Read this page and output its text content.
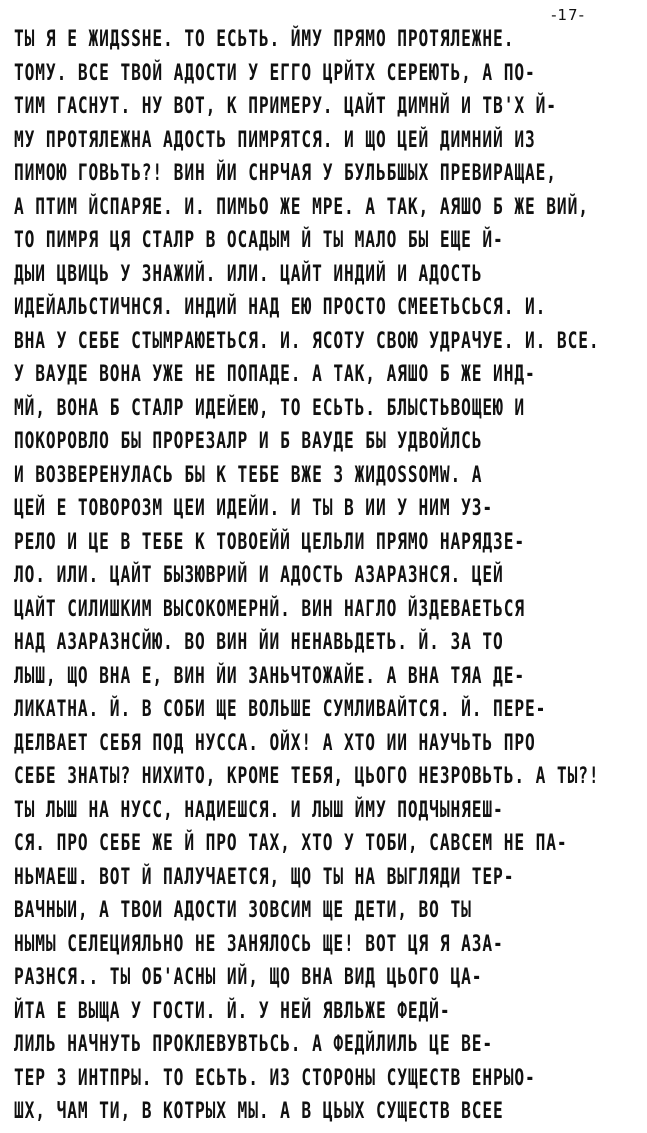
-17-
ТЫ Я Е ЖИДSSНЕ. ТО ЕСЬТЬ. ЙМУ ПРЯМО ПРОТЯЛЕЖНЕ.
ТОМУ. ВСЕ ТВОЙ АДОСТИ У ЕГГО ЦРЙТХ СЕРЕЮТЬ, А ПО-
ТИМ ГАСНУТ. НУ ВОТ, К ПРИМЕРУ. ЦАЙТ ДИМНЙ И ТВ'Х Й-
МУ ПРОТЯЛЕЖНА АДОСТЬ ПИМРЯТСЯ. И ЩО ЦЕЙ ДИМНИЙ ИЗ
ПИМОЮ ГОВЬТЬ?! ВИН ЙИ СНРЧАЯ У БУЛЬБШЫХ ПРЕВИРАЩАЕ,
А ПТИМ ЙСПАРЯЕ. И. ПИМЬО ЖЕ МРЕ. А ТАК, АЯШО Б ЖЕ ВИЙ,
ТО ПИМРЯ ЦЯ СТАЛР В ОСАДЫМ Й ТЫ МАЛО БЫ ЕЩЕ Й-
ДЫИ ЦВИЦЬ У ЗНАЖИЙ. ИЛИ. ЦАЙТ ИНДИЙ И АДОСТЬ
ИДЕЙАЛЬСТИЧНСЯ. ИНДИЙ НАД ЕЮ ПРОСТО СМЕЕТЬСЬСЯ. И.
ВНА У СЕБЕ СТЫМРАЮЕТЬСЯ. И. ЯСОТУ СВОЮ УДРАЧУЕ. И. ВСЕ.
У ВАУДЕ ВОНА УЖЕ НЕ ПОПАДЕ. А ТАК, АЯШО Б ЖЕ ИНД-
МЙ, ВОНА Б СТАЛР ИДЕЙЕЮ, ТО ЕСЬТЬ. БЛЫСТЬВОЩЕЮ И
ПОКОРОВЛО БЫ ПРОРЕЗАЛР И Б ВАУДЕ БЫ УДВОЙЛСЬ
И ВОЗВЕРЕНУЛАСЬ БЫ К ТЕБЕ ВЖЕ З ЖИДОSSОМW. А
ЦЕЙ Е ТОВОРОЗМ ЦЕИ ИДЕЙИ. И ТЫ В ИИ У НИМ УЗ-
РЕЛО И ЦЕ В ТЕБЕ К ТОВОЕЙЙ ЦЕЛЬЛИ ПРЯМО НАРЯДЗЕ-
ЛО. ИЛИ. ЦАЙТ БЫЗЮВРИЙ И АДОСТЬ АЗАРАЗНСЯ. ЦЕЙ
ЦАЙТ СИЛИШКИМ ВЫСОКОМЕРНЙ. ВИН НАГЛО ЙЗДЕВАЕТЬСЯ
НАД АЗАРАЗНСЙЮ. ВО ВИН ЙИ НЕНАВЬДЕТЬ. Й. ЗА ТО
ЛЫШ, ЩО ВНА Е, ВИН ЙИ ЗАНЬЧТОЖАЙЕ. А ВНА ТЯА ДЕ-
ЛИКАТНА. Й. В СОБИ ЩЕ ВОЛЬШЕ СУМЛИВАЙТСЯ. Й. ПЕРЕ-
ДЕЛВАЕТ СЕБЯ ПОД НУССА. ОЙХ! А ХТО ИИ НАУЧЬТЬ ПРО
СЕБЕ ЗНАТЫ? НИХИТО, КРОМЕ ТЕБЯ, ЦЬОГО НЕЗРОВЬТЬ. А ТЫ?!
ТЫ ЛЫШ НА НУСС, НАДИЕШСЯ. И ЛЫШ ЙМУ ПОДЧЫНЯЕШ-
СЯ. ПРО СЕБЕ ЖЕ Й ПРО ТАХ, ХТО У ТОБИ, САВСЕМ НЕ ПА-
НЬМАЕШ. ВОТ Й ПАЛУЧАЕТСЯ, ЩО ТЫ НА ВЫГЛЯДИ ТЕР-
ВАЧНЫИ, А ТВОИ АДОСТИ ЗОВСИМ ЩЕ ДЕТИ, ВО ТЫ
НЫМЫ СЕЛЕЦИЯЛЬНО НЕ ЗАНЯЛОСЬ ЩЕ! ВОТ ЦЯ Я АЗА-
РАЗНСЯ.. ТЫ ОБ'АСНЫ ИЙ, ЩО ВНА ВИД ЦЬОГО ЦА-
ЙТА Е ВЫЩА У ГОСТИ. Й. У НЕЙ ЯВЛЬЖЕ ФЕДЙ-
ЛИЛЬ НАЧНУТЬ ПРОКЛЕВУВТЬСЬ. А ФЕДЙЛИЛЬ ЦЕ ВЕ-
ТЕР З ИНТПРЫ. ТО ЕСЬТЬ. ИЗ СТОРОНЫ СУЩЕСТВ ЕНРЫО-
ШХ, ЧАМ ТИ, В КОТРЫХ МЫ. А В ЦЬЫХ СУЩЕСТВ ВСЕЕ
